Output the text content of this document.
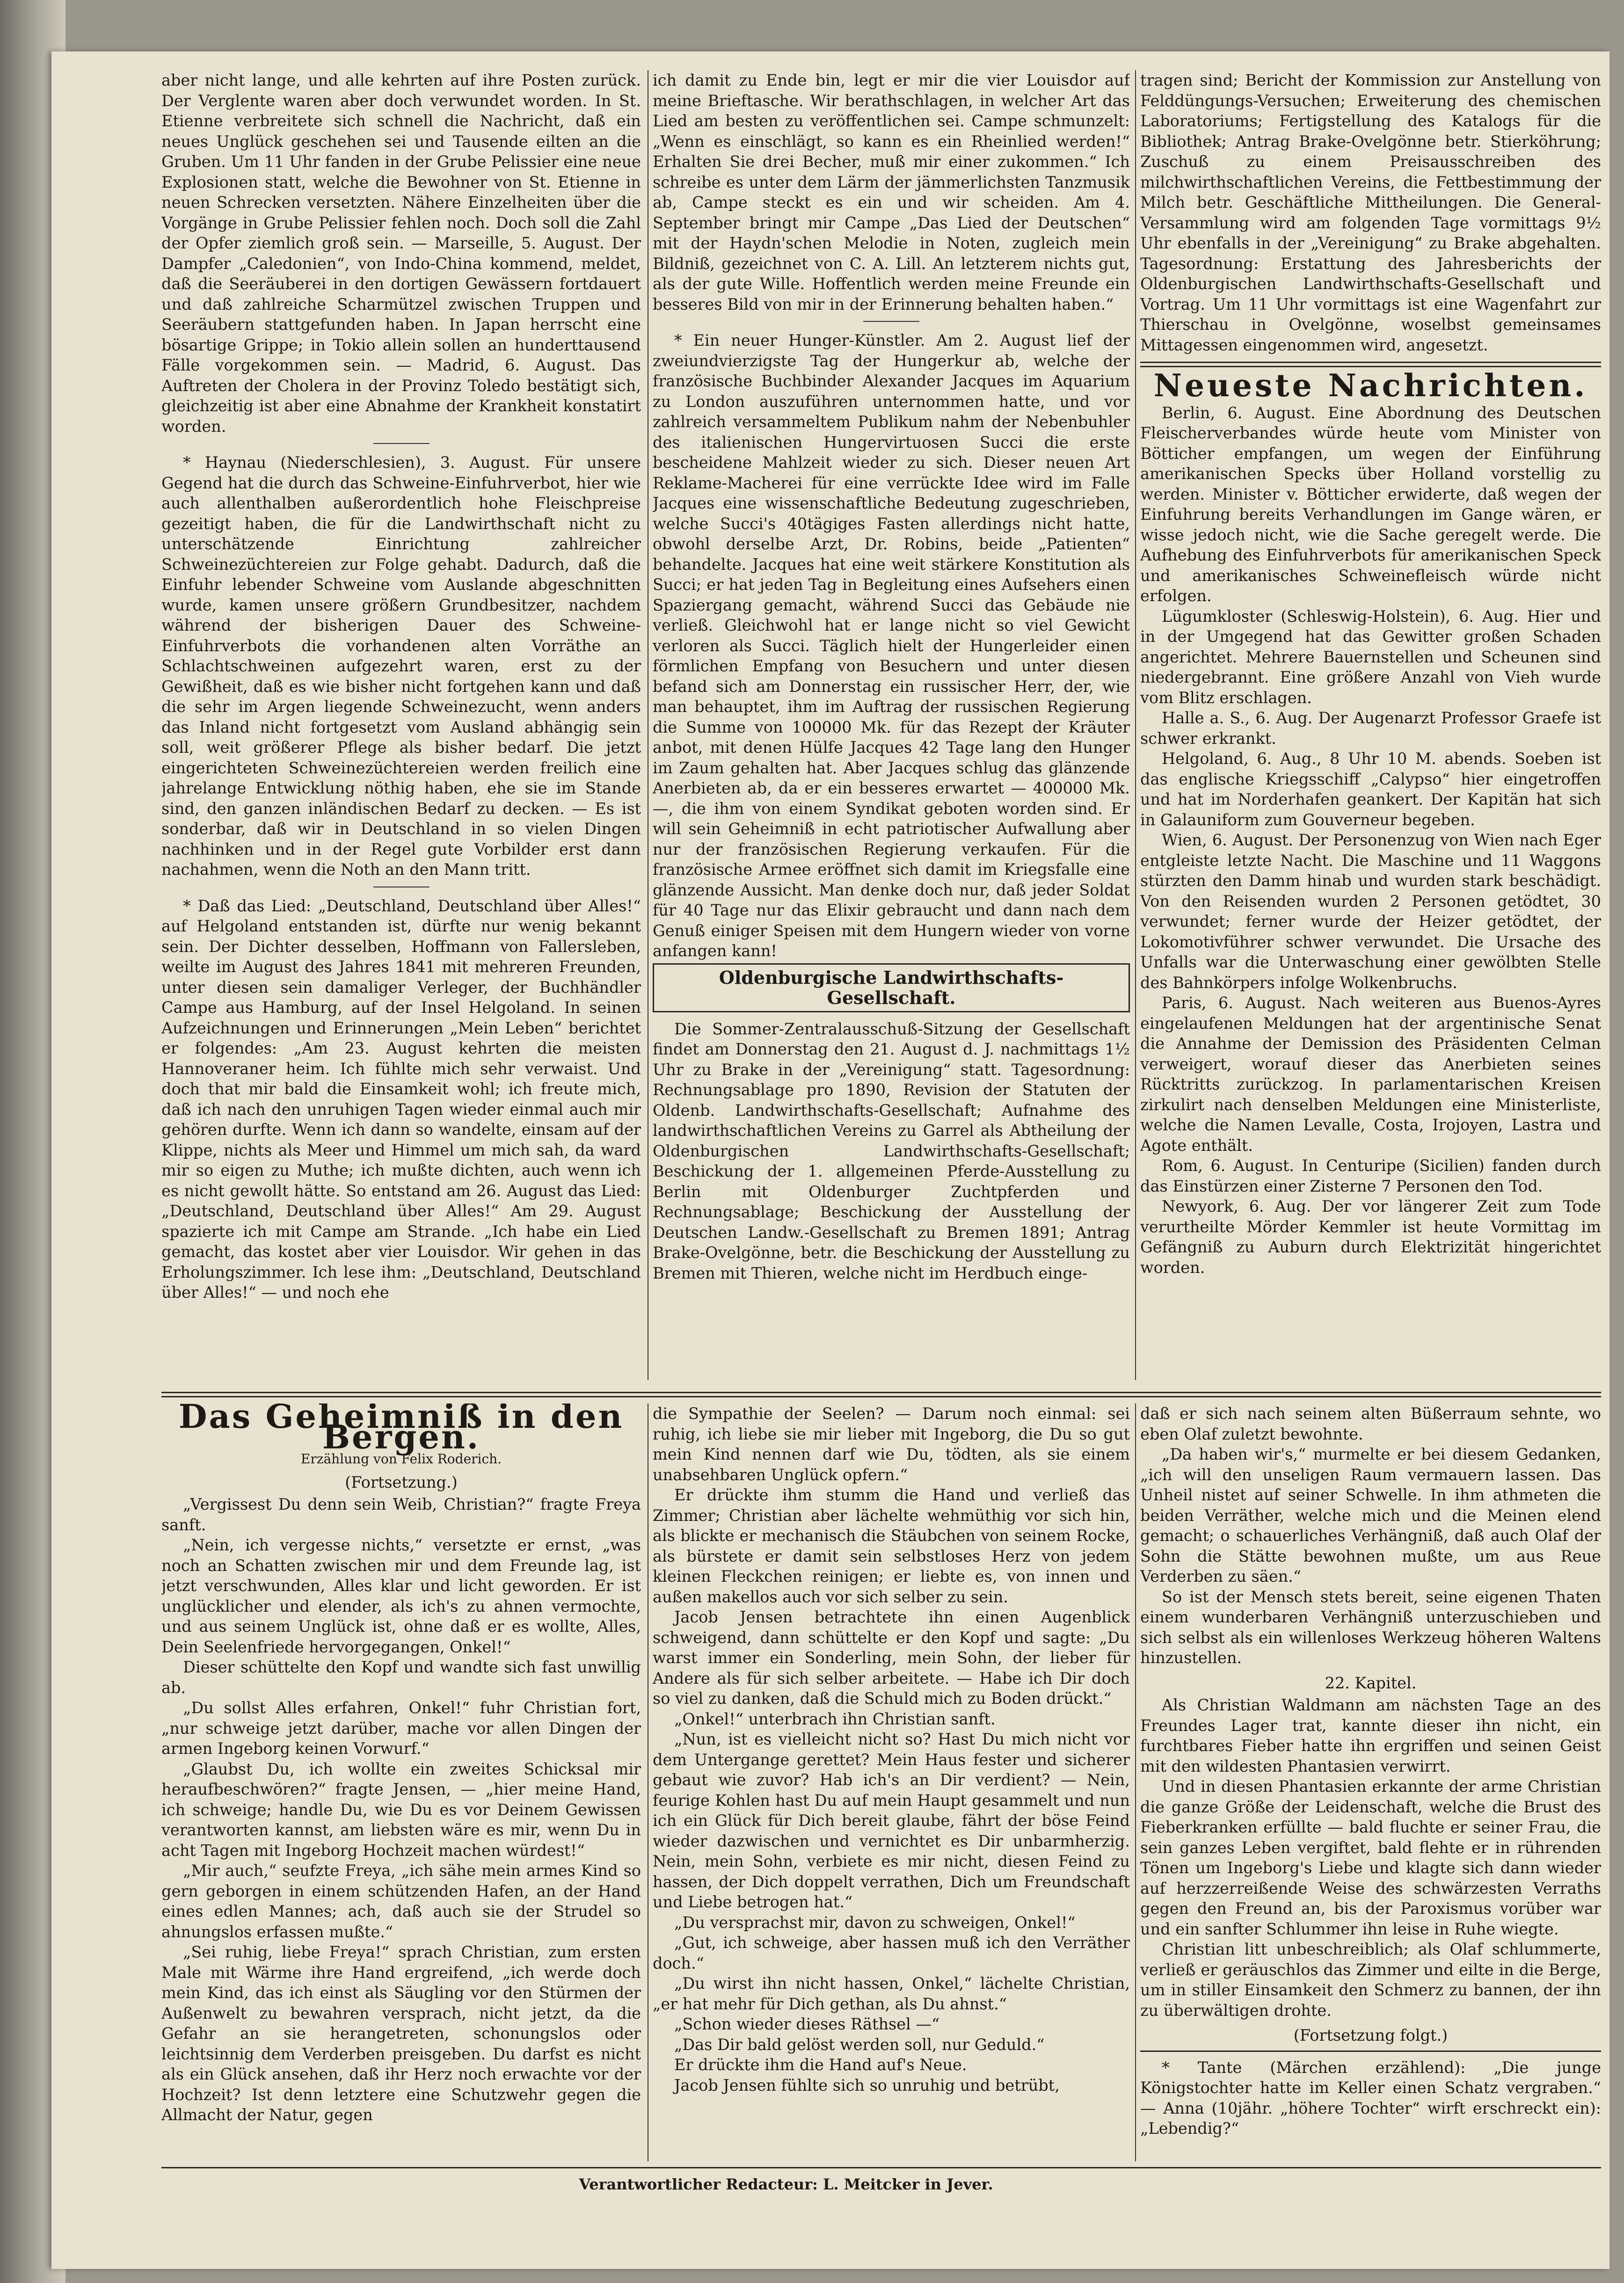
aber nicht lange, und alle kehrten auf ihre Posten zurück. Der Verglente waren aber doch verwundet worden. In St. Etienne verbreitete sich schnell die Nachricht, daß ein neues Unglück geschehen sei und Tausende eilten an die Gruben. Um 11 Uhr fanden in der Grube Pelissier eine neue Explosionen statt, welche die Bewohner von St. Etienne in neuen Schrecken versetzten. Nähere Einzelheiten über die Vorgänge in Grube Pelissier fehlen noch. Doch soll die Zahl der Opfer ziemlich groß sein. — Marseille, 5. August. Der Dampfer „Caledonien“, von Indo-China kommend, meldet, daß die Seeräuberei in den dortigen Gewässern fortdauert und daß zahlreiche Scharmützel zwischen Truppen und Seeräubern stattgefunden haben. In Japan herrscht eine bösartige Grippe; in Tokio allein sollen an hunderttausend Fälle vorgekommen sein. — Madrid, 6. August. Das Auftreten der Cholera in der Provinz Toledo bestätigt sich, gleichzeitig ist aber eine Abnahme der Krankheit konstatirt worden.

* Haynau (Niederschlesien), 3. August. Für unsere Gegend hat die durch das Schweine-Einfuhrverbot, hier wie auch allenthalben außerordentlich hohe Fleischpreise gezeitigt haben, die für die Landwirthschaft nicht zu unterschätzende Einrichtung zahlreicher Schweinezüchtereien zur Folge gehabt. Dadurch, daß die Einfuhr lebender Schweine vom Auslande abgeschnitten wurde, kamen unsere größern Grundbesitzer, nachdem während der bisherigen Dauer des Schweine-Einfuhrverbots die vorhandenen alten Vorräthe an Schlachtschweinen aufgezehrt waren, erst zu der Gewißheit, daß es wie bisher nicht fortgehen kann und daß die sehr im Argen liegende Schweinezucht, wenn anders das Inland nicht fortgesetzt vom Ausland abhängig sein soll, weit größerer Pflege als bisher bedarf. Die jetzt eingerichteten Schweinezüchtereien werden freilich eine jahrelange Entwicklung nöthig haben, ehe sie im Stande sind, den ganzen inländischen Bedarf zu decken. — Es ist sonderbar, daß wir in Deutschland in so vielen Dingen nachhinken und in der Regel gute Vorbilder erst dann nachahmen, wenn die Noth an den Mann tritt.

* Daß das Lied: „Deutschland, Deutschland über Alles!“ auf Helgoland entstanden ist, dürfte nur wenig bekannt sein. Der Dichter desselben, Hoffmann von Fallersleben, weilte im August des Jahres 1841 mit mehreren Freunden, unter diesen sein damaliger Verleger, der Buchhändler Campe aus Hamburg, auf der Insel Helgoland. In seinen Aufzeichnungen und Erinnerungen „Mein Leben“ berichtet er folgendes: „Am 23. August kehrten die meisten Hannoveraner heim. Ich fühlte mich sehr verwaist. Und doch that mir bald die Einsamkeit wohl; ich freute mich, daß ich nach den unruhigen Tagen wieder einmal auch mir gehören durfte. Wenn ich dann so wandelte, einsam auf der Klippe, nichts als Meer und Himmel um mich sah, da ward mir so eigen zu Muthe; ich mußte dichten, auch wenn ich es nicht gewollt hätte. So entstand am 26. August das Lied: „Deutschland, Deutschland über Alles!“ Am 29. August spazierte ich mit Campe am Strande. „Ich habe ein Lied gemacht, das kostet aber vier Louisdor. Wir gehen in das Erholungszimmer. Ich lese ihm: „Deutschland, Deutschland über Alles!“ — und noch ehe

ich damit zu Ende bin, legt er mir die vier Louisdor auf meine Brieftasche. Wir berathschlagen, in welcher Art das Lied am besten zu veröffentlichen sei. Campe schmunzelt: „Wenn es einschlägt, so kann es ein Rheinlied werden!“ Erhalten Sie drei Becher, muß mir einer zukommen.“ Ich schreibe es unter dem Lärm der jämmerlichsten Tanzmusik ab, Campe steckt es ein und wir scheiden. Am 4. September bringt mir Campe „Das Lied der Deutschen“ mit der Haydn'schen Melodie in Noten, zugleich mein Bildniß, gezeichnet von C. A. Lill. An letzterem nichts gut, als der gute Wille. Hoffentlich werden meine Freunde ein besseres Bild von mir in der Erinnerung behalten haben.“

* Ein neuer Hunger-Künstler. Am 2. August lief der zweiundvierzigste Tag der Hungerkur ab, welche der französische Buchbinder Alexander Jacques im Aquarium zu London auszuführen unternommen hatte, und vor zahlreich versammeltem Publikum nahm der Nebenbuhler des italienischen Hungervirtuosen Succi die erste bescheidene Mahlzeit wieder zu sich. Dieser neuen Art Reklame-Macherei für eine verrückte Idee wird im Falle Jacques eine wissenschaftliche Bedeutung zugeschrieben, welche Succi's 40tägiges Fasten allerdings nicht hatte, obwohl derselbe Arzt, Dr. Robins, beide „Patienten“ behandelte. Jacques hat eine weit stärkere Konstitution als Succi; er hat jeden Tag in Begleitung eines Aufsehers einen Spaziergang gemacht, während Succi das Gebäude nie verließ. Gleichwohl hat er lange nicht so viel Gewicht verloren als Succi. Täglich hielt der Hungerleider einen förmlichen Empfang von Besuchern und unter diesen befand sich am Donnerstag ein russischer Herr, der, wie man behauptet, ihm im Auftrag der russischen Regierung die Summe von 100000 Mk. für das Rezept der Kräuter anbot, mit denen Hülfe Jacques 42 Tage lang den Hunger im Zaum gehalten hat. Aber Jacques schlug das glänzende Anerbieten ab, da er ein besseres erwartet — 400000 Mk. —, die ihm von einem Syndikat geboten worden sind. Er will sein Geheimniß in echt patriotischer Aufwallung aber nur der französischen Regierung verkaufen. Für die französische Armee eröffnet sich damit im Kriegsfalle eine glänzende Aussicht. Man denke doch nur, daß jeder Soldat für 40 Tage nur das Elixir gebraucht und dann nach dem Genuß einiger Speisen mit dem Hungern wieder von vorne anfangen kann!

Oldenburgische Landwirthschafts-Gesellschaft.

Die Sommer-Zentralausschuß-Sitzung der Gesellschaft findet am Donnerstag den 21. August d. J. nachmittags 1½ Uhr zu Brake in der „Vereinigung“ statt. Tagesordnung: Rechnungsablage pro 1890, Revision der Statuten der Oldenb. Landwirthschafts-Gesellschaft; Aufnahme des landwirthschaftlichen Vereins zu Garrel als Abtheilung der Oldenburgischen Landwirthschafts-Gesellschaft; Beschickung der 1. allgemeinen Pferde-Ausstellung zu Berlin mit Oldenburger Zuchtpferden und Rechnungsablage; Beschickung der Ausstellung der Deutschen Landw.-Gesellschaft zu Bremen 1891; Antrag Brake-Ovelgönne, betr. die Beschickung der Ausstellung zu Bremen mit Thieren, welche nicht im Herdbuch einge-

tragen sind; Bericht der Kommission zur Anstellung von Felddüngungs-Versuchen; Erweiterung des chemischen Laboratoriums; Fertigstellung des Katalogs für die Bibliothek; Antrag Brake-Ovelgönne betr. Stierköhrung; Zuschuß zu einem Preisausschreiben des milchwirthschaftlichen Vereins, die Fettbestimmung der Milch betr. Geschäftliche Mittheilungen. Die General-Versammlung wird am folgenden Tage vormittags 9½ Uhr ebenfalls in der „Vereinigung“ zu Brake abgehalten. Tagesordnung: Erstattung des Jahresberichts der Oldenburgischen Landwirthschafts-Gesellschaft und Vortrag. Um 11 Uhr vormittags ist eine Wagenfahrt zur Thierschau in Ovelgönne, woselbst gemeinsames Mittagessen eingenommen wird, angesetzt.

Neueste Nachrichten.

Berlin, 6. August. Eine Abordnung des Deutschen Fleischerverbandes würde heute vom Minister von Bötticher empfangen, um wegen der Einführung amerikanischen Specks über Holland vorstellig zu werden. Minister v. Bötticher erwiderte, daß wegen der Einfuhrung bereits Verhandlungen im Gange wären, er wisse jedoch nicht, wie die Sache geregelt werde. Die Aufhebung des Einfuhrverbots für amerikanischen Speck und amerikanisches Schweinefleisch würde nicht erfolgen.

Lügumkloster (Schleswig-Holstein), 6. Aug. Hier und in der Umgegend hat das Gewitter großen Schaden angerichtet. Mehrere Bauernstellen und Scheunen sind niedergebrannt. Eine größere Anzahl von Vieh wurde vom Blitz erschlagen.

Halle a. S., 6. Aug. Der Augenarzt Professor Graefe ist schwer erkrankt.

Helgoland, 6. Aug., 8 Uhr 10 M. abends. Soeben ist das englische Kriegsschiff „Calypso“ hier eingetroffen und hat im Norderhafen geankert. Der Kapitän hat sich in Galauniform zum Gouverneur begeben.

Wien, 6. August. Der Personenzug von Wien nach Eger entgleiste letzte Nacht. Die Maschine und 11 Waggons stürzten den Damm hinab und wurden stark beschädigt. Von den Reisenden wurden 2 Personen getödtet, 30 verwundet; ferner wurde der Heizer getödtet, der Lokomotivführer schwer verwundet. Die Ursache des Unfalls war die Unterwaschung einer gewölbten Stelle des Bahnkörpers infolge Wolkenbruchs.

Paris, 6. August. Nach weiteren aus Buenos-Ayres eingelaufenen Meldungen hat der argentinische Senat die Annahme der Demission des Präsidenten Celman verweigert, worauf dieser das Anerbieten seines Rücktritts zurückzog. In parlamentarischen Kreisen zirkulirt nach denselben Meldungen eine Ministerliste, welche die Namen Levalle, Costa, Irojoyen, Lastra und Agote enthält.

Rom, 6. August. In Centuripe (Sicilien) fanden durch das Einstürzen einer Zisterne 7 Personen den Tod.

Newyork, 6. Aug. Der vor längerer Zeit zum Tode verurtheilte Mörder Kemmler ist heute Vormittag im Gefängniß zu Auburn durch Elektrizität hingerichtet worden.

Das Geheimniß in den Bergen.
Erzählung von Felix Roderich.
(Fortsetzung.)

„Vergissest Du denn sein Weib, Christian?“ fragte Freya sanft.

„Nein, ich vergesse nichts,“ versetzte er ernst, „was noch an Schatten zwischen mir und dem Freunde lag, ist jetzt verschwunden, Alles klar und licht geworden. Er ist unglücklicher und elender, als ich's zu ahnen vermochte, und aus seinem Unglück ist, ohne daß er es wollte, Alles, Dein Seelenfriede hervorgegangen, Onkel!“

Dieser schüttelte den Kopf und wandte sich fast unwillig ab.

„Du sollst Alles erfahren, Onkel!“ fuhr Christian fort, „nur schweige jetzt darüber, mache vor allen Dingen der armen Ingeborg keinen Vorwurf.“

„Glaubst Du, ich wollte ein zweites Schicksal mir heraufbeschwören?“ fragte Jensen, — „hier meine Hand, ich schweige; handle Du, wie Du es vor Deinem Gewissen verantworten kannst, am liebsten wäre es mir, wenn Du in acht Tagen mit Ingeborg Hochzeit machen würdest!“

„Mir auch,“ seufzte Freya, „ich sähe mein armes Kind so gern geborgen in einem schützenden Hafen, an der Hand eines edlen Mannes; ach, daß auch sie der Strudel so ahnungslos erfassen mußte.“

„Sei ruhig, liebe Freya!“ sprach Christian, zum ersten Male mit Wärme ihre Hand ergreifend, „ich werde doch mein Kind, das ich einst als Säugling vor den Stürmen der Außenwelt zu bewahren versprach, nicht jetzt, da die Gefahr an sie herangetreten, schonungslos oder leichtsinnig dem Verderben preisgeben. Du darfst es nicht als ein Glück ansehen, daß ihr Herz noch erwachte vor der Hochzeit? Ist denn letztere eine Schutzwehr gegen die Allmacht der Natur, gegen

die Sympathie der Seelen? — Darum noch einmal: sei ruhig, ich liebe sie mir lieber mit Ingeborg, die Du so gut mein Kind nennen darf wie Du, tödten, als sie einem unabsehbaren Unglück opfern.“

Er drückte ihm stumm die Hand und verließ das Zimmer; Christian aber lächelte wehmüthig vor sich hin, als blickte er mechanisch die Stäubchen von seinem Rocke, als bürstete er damit sein selbstloses Herz von jedem kleinen Fleckchen reinigen; er liebte es, von innen und außen makellos auch vor sich selber zu sein.

Jacob Jensen betrachtete ihn einen Augenblick schweigend, dann schüttelte er den Kopf und sagte: „Du warst immer ein Sonderling, mein Sohn, der lieber für Andere als für sich selber arbeitete. — Habe ich Dir doch so viel zu danken, daß die Schuld mich zu Boden drückt.“

„Onkel!“ unterbrach ihn Christian sanft.

„Nun, ist es vielleicht nicht so? Hast Du mich nicht vor dem Untergange gerettet? Mein Haus fester und sicherer gebaut wie zuvor? Hab ich's an Dir verdient? — Nein, feurige Kohlen hast Du auf mein Haupt gesammelt und nun ich ein Glück für Dich bereit glaube, fährt der böse Feind wieder dazwischen und vernichtet es Dir unbarmherzig. Nein, mein Sohn, verbiete es mir nicht, diesen Feind zu hassen, der Dich doppelt verrathen, Dich um Freundschaft und Liebe betrogen hat.“

„Du versprachst mir, davon zu schweigen, Onkel!“

„Gut, ich schweige, aber hassen muß ich den Verräther doch.“

„Du wirst ihn nicht hassen, Onkel,“ lächelte Christian, „er hat mehr für Dich gethan, als Du ahnst.“

„Schon wieder dieses Räthsel —“

„Das Dir bald gelöst werden soll, nur Geduld.“

Er drückte ihm die Hand auf's Neue.

Jacob Jensen fühlte sich so unruhig und betrübt,

daß er sich nach seinem alten Büßerraum sehnte, wo eben Olaf zuletzt bewohnte.

„Da haben wir's,“ murmelte er bei diesem Gedanken, „ich will den unseligen Raum vermauern lassen. Das Unheil nistet auf seiner Schwelle. In ihm athmeten die beiden Verräther, welche mich und die Meinen elend gemacht; o schauerliches Verhängniß, daß auch Olaf der Sohn die Stätte bewohnen mußte, um aus Reue Verderben zu säen.“

So ist der Mensch stets bereit, seine eigenen Thaten einem wunderbaren Verhängniß unterzuschieben und sich selbst als ein willenloses Werkzeug höheren Waltens hinzustellen.

22. Kapitel.

Als Christian Waldmann am nächsten Tage an des Freundes Lager trat, kannte dieser ihn nicht, ein furchtbares Fieber hatte ihn ergriffen und seinen Geist mit den wildesten Phantasien verwirrt.

Und in diesen Phantasien erkannte der arme Christian die ganze Größe der Leidenschaft, welche die Brust des Fieberkranken erfüllte — bald fluchte er seiner Frau, die sein ganzes Leben vergiftet, bald flehte er in rührenden Tönen um Ingeborg's Liebe und klagte sich dann wieder auf herzzerreißende Weise des schwärzesten Verraths gegen den Freund an, bis der Paroxismus vorüber war und ein sanfter Schlummer ihn leise in Ruhe wiegte.

Christian litt unbeschreiblich; als Olaf schlummerte, verließ er geräuschlos das Zimmer und eilte in die Berge, um in stiller Einsamkeit den Schmerz zu bannen, der ihn zu überwältigen drohte.

(Fortsetzung folgt.)

* Tante (Märchen erzählend): „Die junge Königstochter hatte im Keller einen Schatz vergraben.“ — Anna (10jähr. „höhere Tochter“ wirft erschreckt ein): „Lebendig?“

Verantwortlicher Redacteur: L. Meitcker in Jever.
